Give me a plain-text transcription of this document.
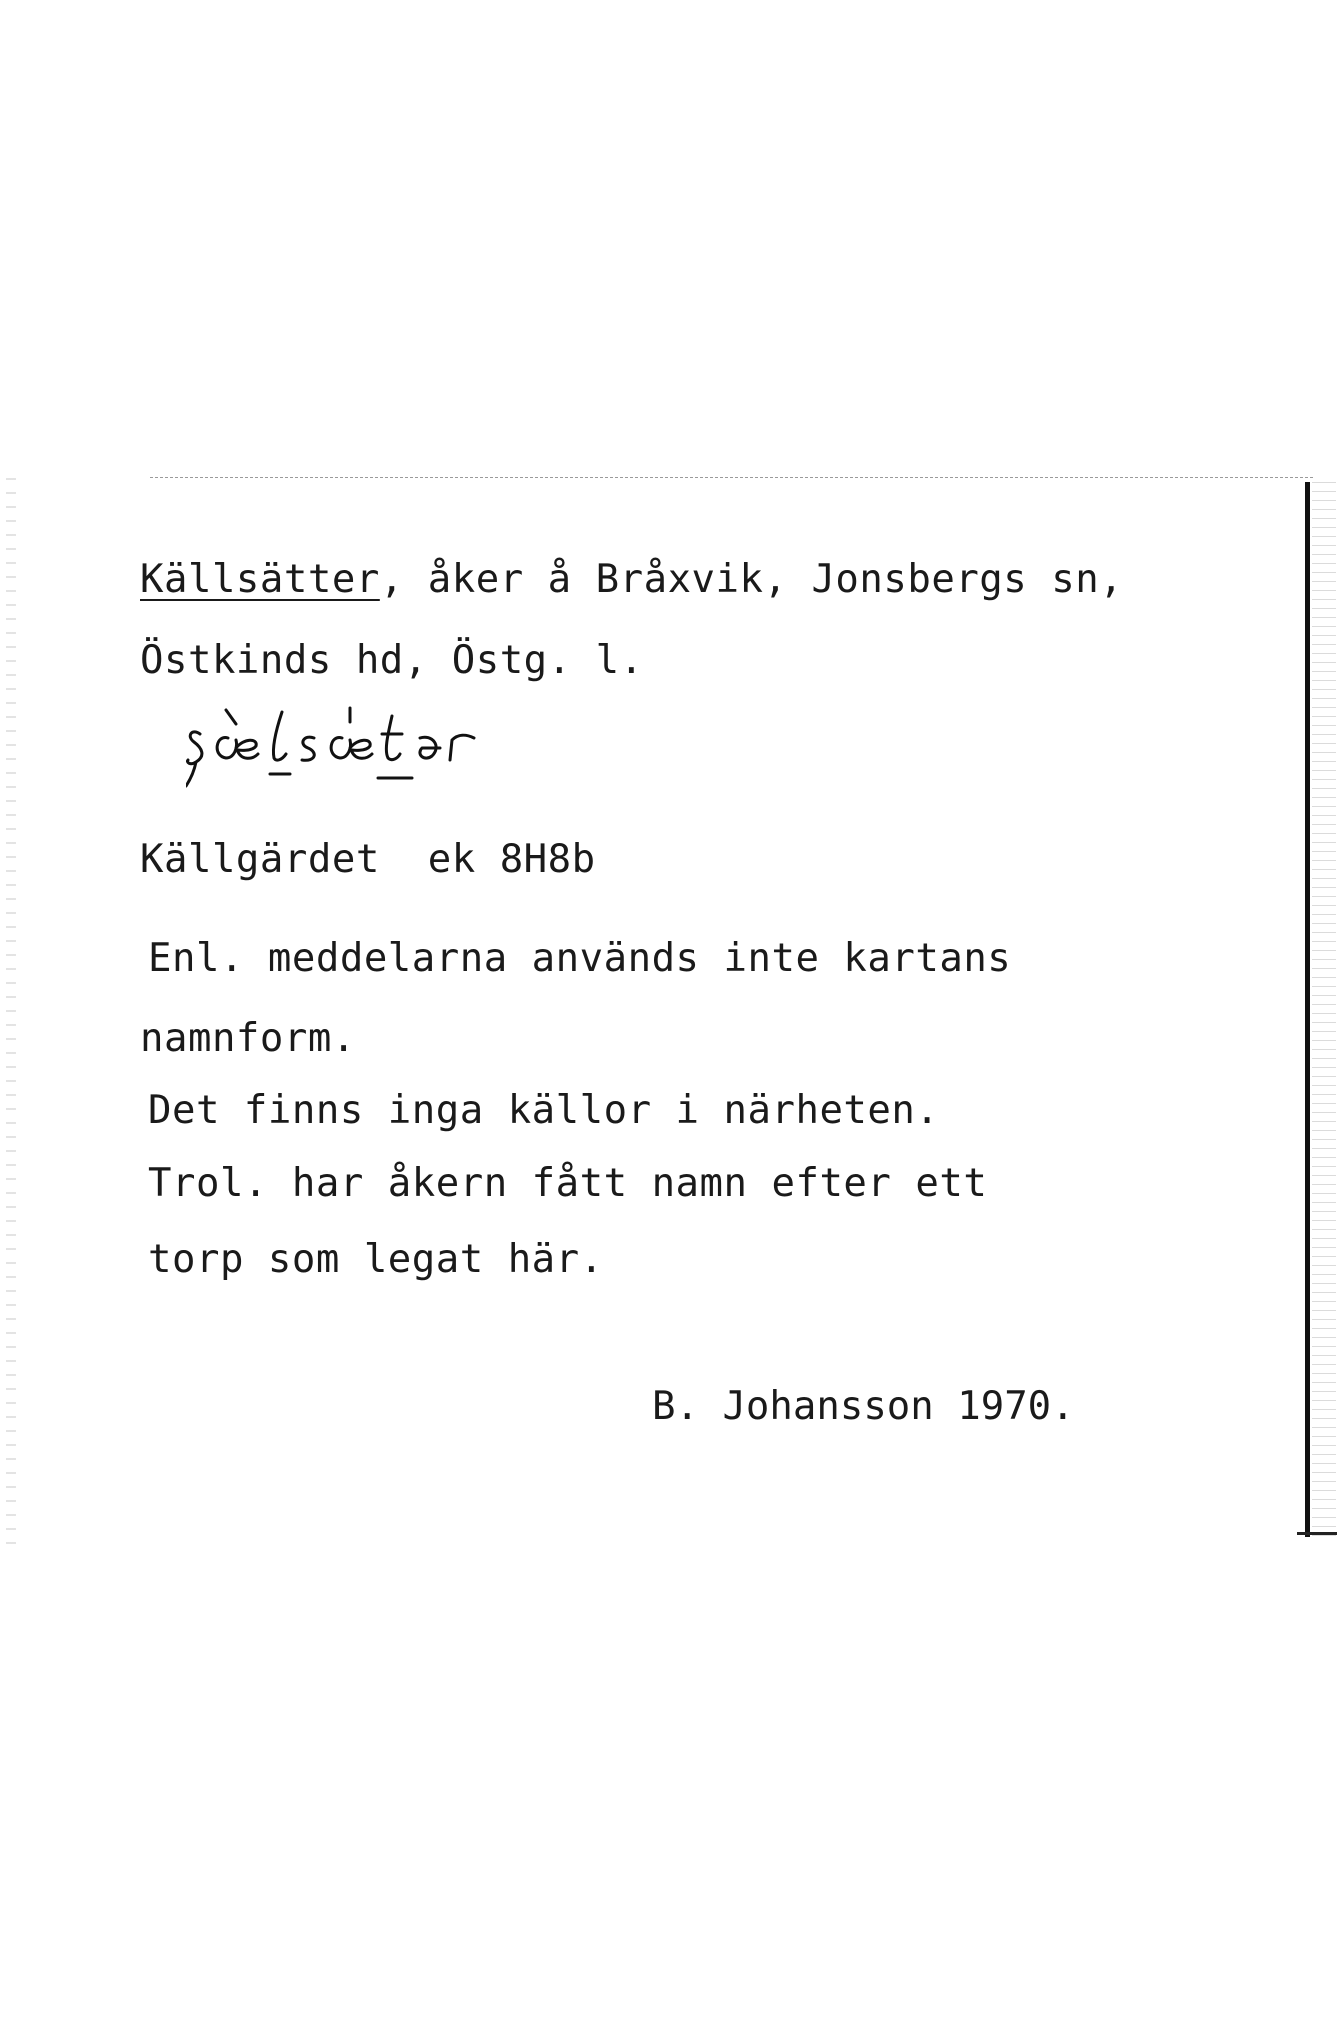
Källsätter, åker å Bråxvik, Jonsbergs sn,
Östkinds hd, Östg. l.
Källgärdet  ek 8H8b
Enl. meddelarna används inte kartans
namnform.
Det finns inga källor i närheten.
Trol. har åkern fått namn efter ett
torp som legat här.
B. Johansson 1970.
